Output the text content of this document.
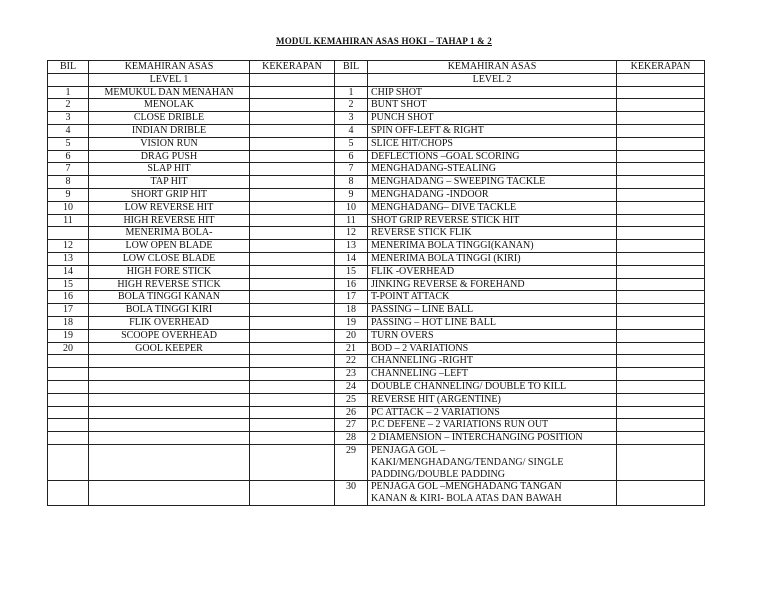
MODUL KEMAHIRAN ASAS HOKI – TAHAP 1 & 2
BIL	KEMAHIRAN ASAS	KEKERAPAN	BIL	KEMAHIRAN ASAS	KEKERAPAN
	LEVEL 1			LEVEL 2	
1	MEMUKUL DAN MENAHAN		1	CHIP SHOT	
2	MENOLAK		2	BUNT SHOT	
3	CLOSE DRIBLE		3	PUNCH SHOT	
4	INDIAN DRIBLE		4	SPIN OFF-LEFT & RIGHT	
5	VISION RUN		5	SLICE HIT/CHOPS	
6	DRAG PUSH		6	DEFLECTIONS –GOAL SCORING	
7	SLAP HIT		7	MENGHADANG-STEALING	
8	TAP HIT		8	MENGHADANG – SWEEPING TACKLE	
9	SHORT GRIP HIT		9	MENGHADANG -INDOOR	
10	LOW REVERSE HIT		10	MENGHADANG– DIVE TACKLE	
11	HIGH REVERSE HIT		11	SHOT GRIP REVERSE STICK HIT	
	MENERIMA BOLA-		12	REVERSE STICK FLIK	
12	LOW OPEN BLADE		13	MENERIMA BOLA TINGGI(KANAN)	
13	LOW CLOSE BLADE		14	MENERIMA BOLA TINGGI (KIRI)	
14	HIGH FORE STICK		15	FLIK -OVERHEAD	
15	HIGH REVERSE STICK		16	JINKING REVERSE & FOREHAND	
16	BOLA TINGGI KANAN		17	T-POINT ATTACK	
17	BOLA TINGGI KIRI		18	PASSING – LINE BALL	
18	FLIK OVERHEAD		19	PASSING – HOT LINE BALL	
19	SCOOPE OVERHEAD		20	TURN OVERS	
20	GOOL KEEPER		21	BOD – 2 VARIATIONS	
			22	CHANNELING -RIGHT	
			23	CHANNELING –LEFT	
			24	DOUBLE CHANNELING/ DOUBLE TO KILL	
			25	REVERSE HIT (ARGENTINE)	
			26	PC ATTACK – 2 VARIATIONS	
			27	P.C DEFENE – 2 VARIATIONS RUN OUT	
			28	2 DIAMENSION – INTERCHANGING POSITION	
			29	PENJAGA GOL –
KAKI/MENGHADANG/TENDANG/ SINGLE
PADDING/DOUBLE PADDING	

			30	PENJAGA GOL –MENGHADANG TANGAN
KANAN & KIRI- BOLA ATAS DAN BAWAH	
